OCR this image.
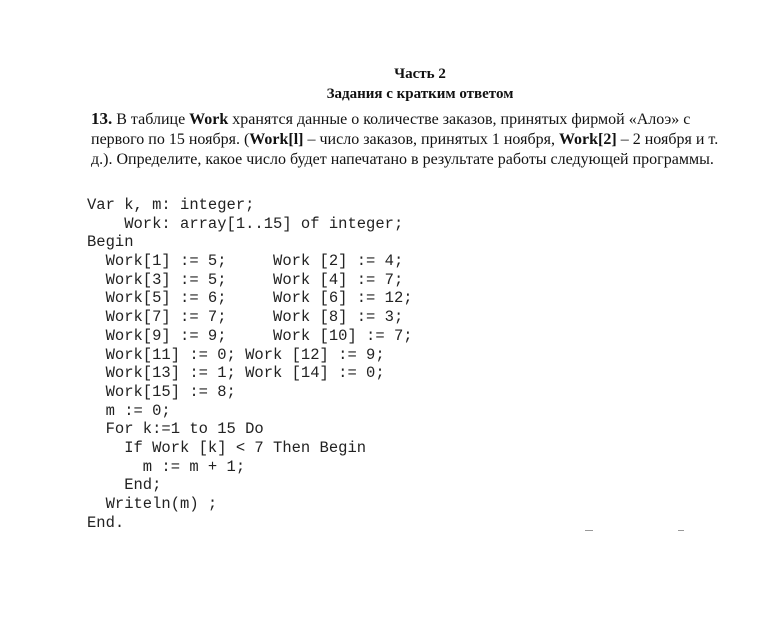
Часть 2
Задания с кратким ответом
13. В таблице Work хранятся данные о количестве заказов, принятых фирмой «Алоэ» с первого по 15 ноября. (Work[l] – число заказов, принятых 1 ноября, Work[2] – 2 ноября и т. д.). Определите, какое число будет напечатано в результате работы следующей программы.
Var k, m: integer;
Work: array[1..15] of integer;
Begin
Work[1] := 5;     Work [2] := 4;
Work[3] := 5;     Work [4] := 7;
Work[5] := 6;     Work [6] := 12;
Work[7] := 7;     Work [8] := 3;
Work[9] := 9;     Work [10] := 7;
Work[11] := 0; Work [12] := 9;
Work[13] := 1; Work [14] := 0;
Work[15] := 8;
m := 0;
For k:=1 to 15 Do
If Work [k] < 7 Then Begin
m := m + 1;
End;
Writeln(m) ;
End.
